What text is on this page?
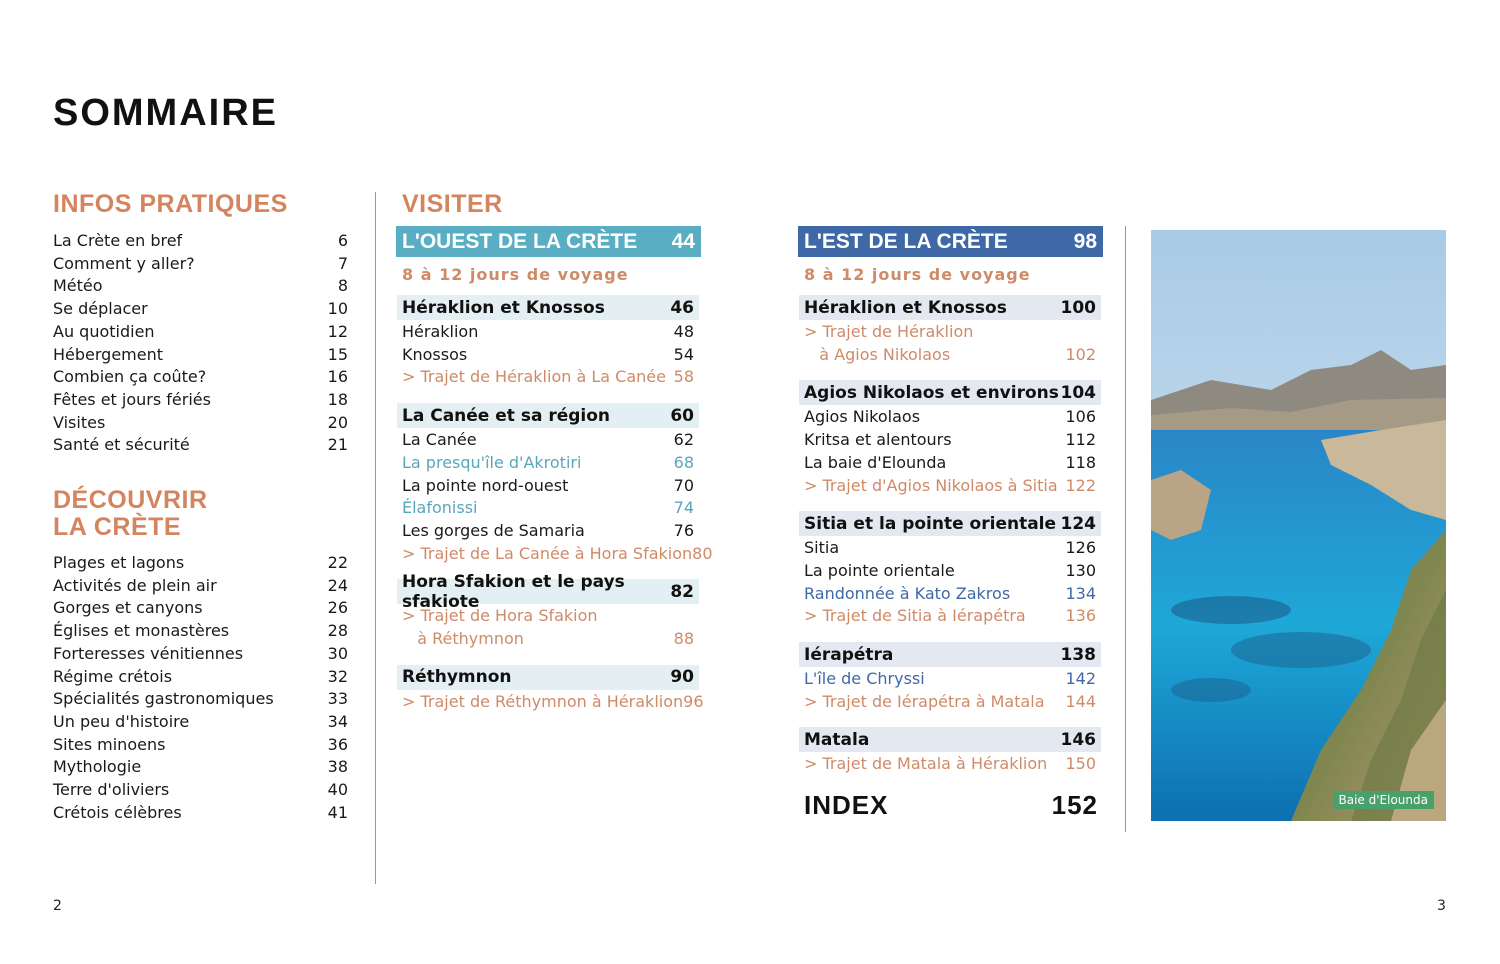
SOMMAIRE
INFOS PRATIQUES
La Crète en bref	6
Comment y aller?	7
Météo	8
Se déplacer	10
Au quotidien	12
Hébergement	15
Combien ça coûte?	16
Fêtes et jours fériés	18
Visites	20
Santé et sécurité	21
DÉCOUVRIR
LA CRÈTE
Plages et lagons	22
Activités de plein air	24
Gorges et canyons	26
Églises et monastères	28
Forteresses vénitiennes	30
Régime crétois	32
Spécialités gastronomiques	33
Un peu d'histoire	34
Sites minoens	36
Mythologie	38
Terre d'oliviers	40
Crétois célèbres	41
VISITER
L'OUEST DE LA CRÈTE 44
8 à 12 jours de voyage
Héraklion et Knossos	46
Héraklion	48
Knossos	54
> Trajet de Héraklion à La Canée 58
La Canée et sa région	60
La Canée	62
La presqu'île d'Akrotiri	68
La pointe nord-ouest	70
Élafonissi	74
Les gorges de Samaria	76
> Trajet de La Canée à Hora Sfakion 80
Hora Sfakion et le pays sfakiote	82
> Trajet de Hora Sfakion
à Réthymnon	88
Réthymnon	90
> Trajet de Réthymnon à Héraklion 96
L'EST DE LA CRÈTE	98
8 à 12 jours de voyage
Héraklion et Knossos	100
> Trajet de Héraklion
à Agios Nikolaos	102
Agios Nikolaos et environs 104
Agios Nikolaos	106
Kritsa et alentours	112
La baie d'Elounda	118
> Trajet d'Agios Nikolaos à Sitia 122
Sitia et la pointe orientale 124
Sitia	126
La pointe orientale	130
Randonnée à Kato Zakros	134
> Trajet de Sitia à Iérapétra 136
Iérapétra	138
L'île de Chryssi	142
> Trajet de Iérapétra à Matala 144
Matala	146
> Trajet de Matala à Héraklion 150
INDEX	152	Baie d'Elounda
2	3
